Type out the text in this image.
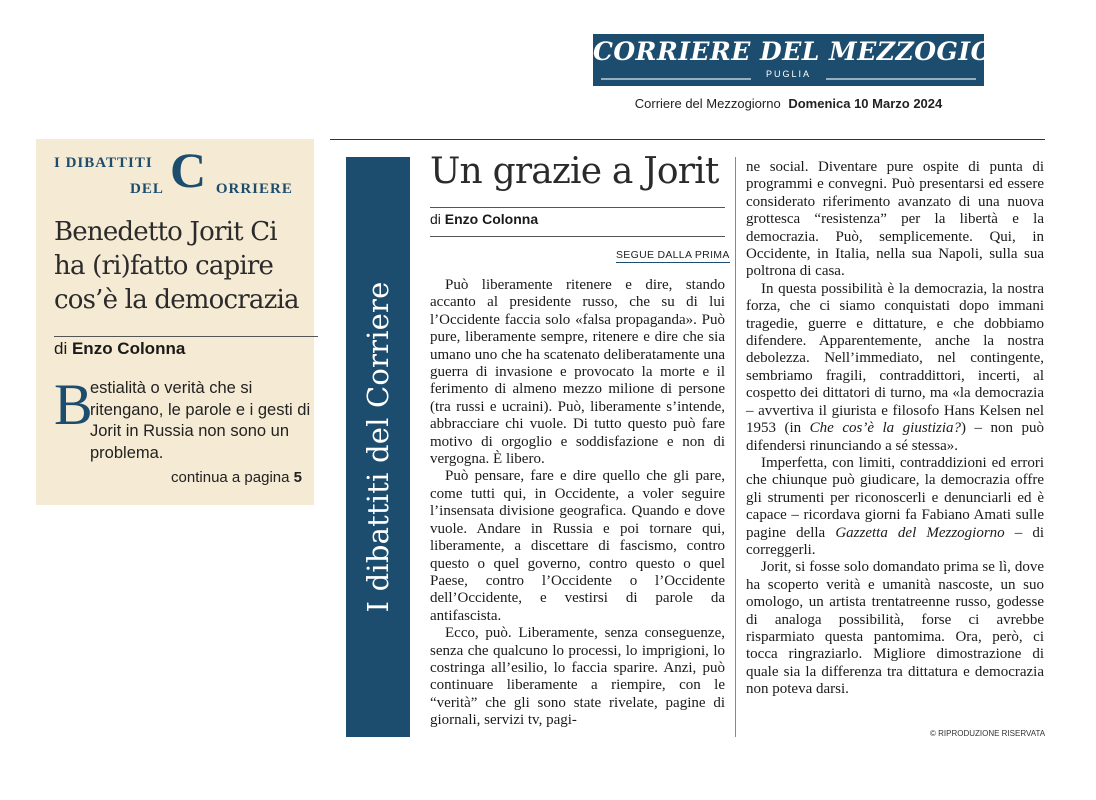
CORRIERE DEL MEZZOGIORNO
PUGLIA
Corriere del Mezzogiorno Domenica 10 Marzo 2024
I DIBATTITI C
DEL	ORRIERE
Benedetto Jorit Ci ha (ri)fatto capire cos’è la democrazia
di Enzo Colonna
B
estialità o verità che si ritengano, le parole e i gesti di Jorit in Russia non sono un problema.
continua a pagina 5 I dibattiti del Corriere
Un grazie a Jorit
di Enzo Colonna
SEGUE DALLA PRIMA

Può liberamente ritenere e dire, stando accanto al presidente russo, che su di lui l’Occidente faccia solo «falsa propaganda». Può pure, liberamente sempre, ritenere e dire che sia umano uno che ha scatenato deliberatamente una guerra di invasione e provocato la morte e il ferimento di almeno mezzo milione di persone (tra russi e ucraini). Può, liberamente s’intende, abbracciare chi vuole. Di tutto questo può fare motivo di orgoglio e soddisfazione e non di vergogna. È libero.

Può pensare, fare e dire quello che gli pare, come tutti qui, in Occidente, a voler seguire l’insensata divisione geografica. Quando e dove vuole. Andare in Russia e poi tornare qui, liberamente, a discettare di fascismo, contro questo o quel governo, contro questo o quel Paese, contro l’Occidente o l’Occidente dell’Occidente, e vestirsi di parole da antifascista.

Ecco, può. Liberamente, senza conseguenze, senza che qualcuno lo processi, lo imprigioni, lo costringa all’esilio, lo faccia sparire. Anzi, può continuare liberamente a riempire, con le “verità” che gli sono state rivelate, pagine di giornali, servizi tv, pagi-

ne social. Diventare pure ospite di punta di programmi e convegni. Può presentarsi ed essere considerato riferimento avanzato di una nuova grottesca “resistenza” per la libertà e la democrazia. Può, semplicemente. Qui, in Occidente, in Italia, nella sua Napoli, sulla sua poltrona di casa.

In questa possibilità è la democrazia, la nostra forza, che ci siamo conquistati dopo immani tragedie, guerre e dittature, e che dobbiamo difendere. Apparentemente, anche la nostra debolezza. Nell’immediato, nel contingente, sembriamo fragili, contraddittori, incerti, al cospetto dei dittatori di turno, ma «la democrazia – avvertiva il giurista e filosofo Hans Kelsen nel 1953 (in Che cos’è la giustizia?) – non può difendersi rinunciando a sé stessa».

Imperfetta, con limiti, contraddizioni ed errori che chiunque può giudicare, la democrazia offre gli strumenti per riconoscerli e denunciarli ed è capace – ricordava giorni fa Fabiano Amati sulle pagine della Gazzetta del Mezzogiorno – di correggerli.

Jorit, si fosse solo domandato prima se lì, dove ha scoperto verità e umanità nascoste, un suo omologo, un artista trentatreenne russo, godesse di analoga possibilità, forse ci avrebbe risparmiato questa pantomima. Ora, però, ci tocca ringraziarlo. Migliore dimostrazione di quale sia la differenza tra dittatura e democrazia non poteva darsi.

© RIPRODUZIONE RISERVATA
